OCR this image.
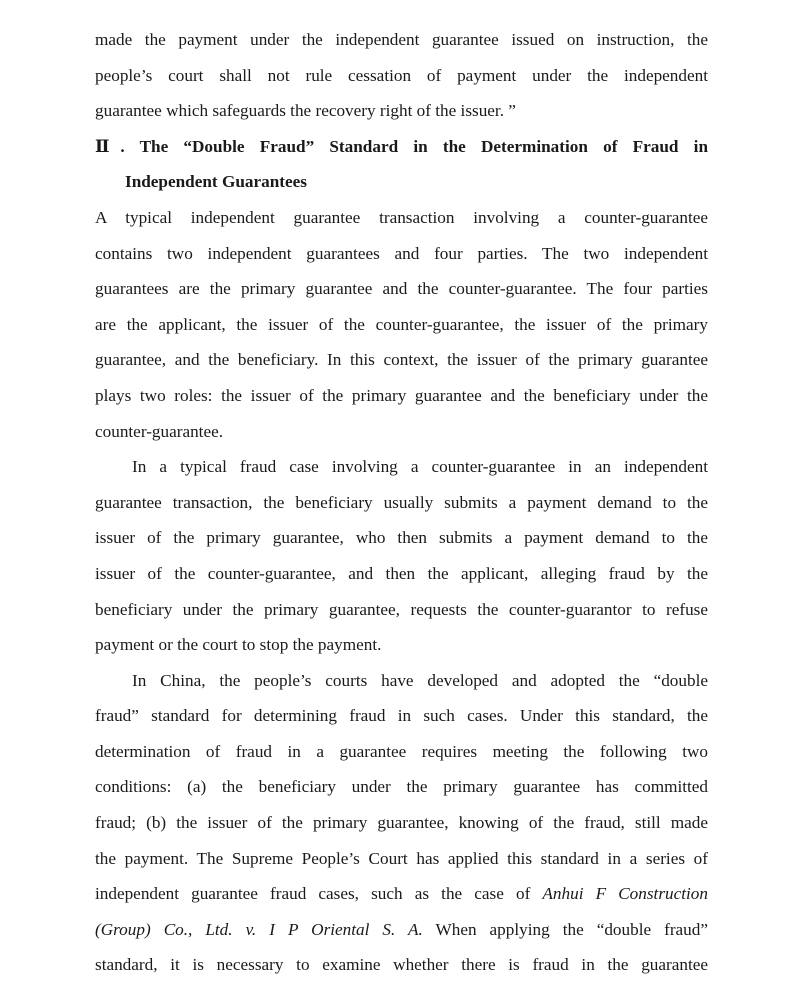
made the payment under the independent guarantee issued on instruction, the
people’s court shall not rule cessation of payment under the independent
guarantee which safeguards the recovery right of the issuer. ”
Ⅱ. The “Double Fraud” Standard in the Determination of Fraud in
Independent Guarantees
A typical independent guarantee transaction involving a counter-guarantee
contains two independent guarantees and four parties. The two independent
guarantees are the primary guarantee and the counter-guarantee. The four parties
are the applicant, the issuer of the counter-guarantee, the issuer of the primary
guarantee, and the beneficiary. In this context, the issuer of the primary guarantee
plays two roles: the issuer of the primary guarantee and the beneficiary under the
counter-guarantee.
In a typical fraud case involving a counter-guarantee in an independent
guarantee transaction, the beneficiary usually submits a payment demand to the
issuer of the primary guarantee, who then submits a payment demand to the
issuer of the counter-guarantee, and then the applicant, alleging fraud by the
beneficiary under the primary guarantee, requests the counter-guarantor to refuse
payment or the court to stop the payment.
In China, the people’s courts have developed and adopted the “double
fraud” standard for determining fraud in such cases. Under this standard, the
determination of fraud in a guarantee requires meeting the following two
conditions: (a) the beneficiary under the primary guarantee has committed
fraud; (b) the issuer of the primary guarantee, knowing of the fraud, still made
the payment. The Supreme People’s Court has applied this standard in a series of
independent guarantee fraud cases, such as the case of Anhui F Construction
(Group) Co., Ltd. v. I P Oriental S. A. When applying the “double fraud”
standard, it is necessary to examine whether there is fraud in the guarantee
